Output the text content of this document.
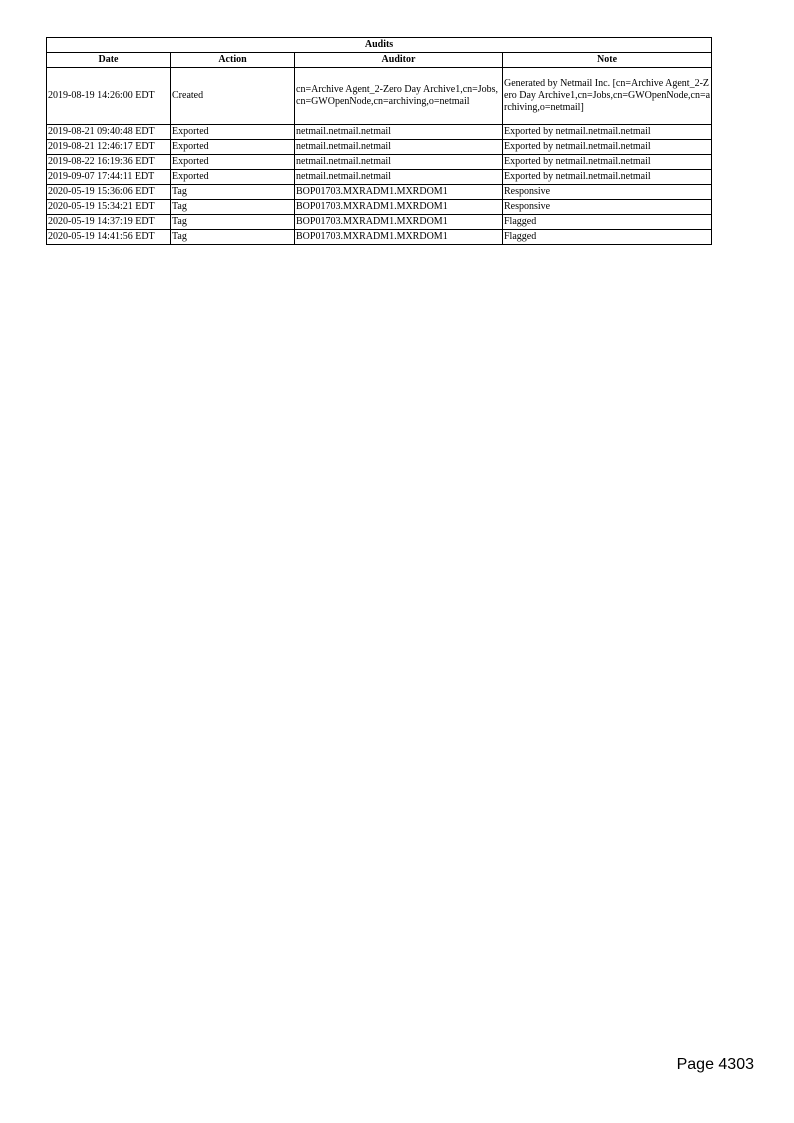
Audits			
Date	Action	Auditor	Note
2019-08-19 14:26:00 EDT	Created	cn=Archive Agent_2-Zero Day Archive1,cn=Jobs,cn=GWOpenNode,cn=archiving,o=netmail	Generated by Netmail Inc. [cn=Archive Agent_2-Zero Day Archive1,cn=Jobs,cn=GWOpenNode,cn=archiving,o=netmail]
2019-08-21 09:40:48 EDT	Exported	netmail.netmail.netmail	Exported by netmail.netmail.netmail
2019-08-21 12:46:17 EDT	Exported	netmail.netmail.netmail	Exported by netmail.netmail.netmail
2019-08-22 16:19:36 EDT	Exported	netmail.netmail.netmail	Exported by netmail.netmail.netmail
2019-09-07 17:44:11 EDT	Exported	netmail.netmail.netmail	Exported by netmail.netmail.netmail
2020-05-19 15:36:06 EDT	Tag	BOP01703.MXRADM1.MXRDOM1	Responsive
2020-05-19 15:34:21 EDT	Tag	BOP01703.MXRADM1.MXRDOM1	Responsive
2020-05-19 14:37:19 EDT	Tag	BOP01703.MXRADM1.MXRDOM1	Flagged
2020-05-19 14:41:56 EDT	Tag	BOP01703.MXRADM1.MXRDOM1	Flagged
Page 4303
